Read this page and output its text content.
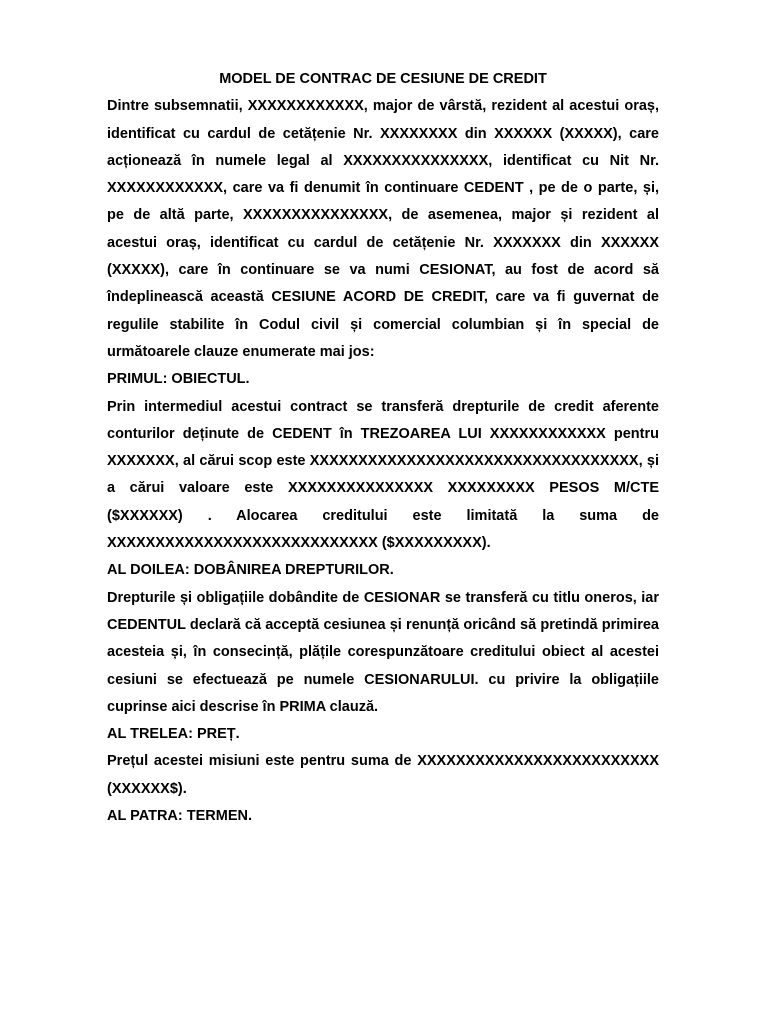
MODEL DE CONTRAC DE CESIUNE DE CREDIT

Dintre subsemnatii, XXXXXXXXXXXX, major de vârstă, rezident al acestui oraș, identificat cu cardul de cetățenie Nr. XXXXXXXX din XXXXXX (XXXXX), care acționează în numele legal al XXXXXXXXXXXXXXX, identificat cu Nit Nr. XXXXXXXXXXXX, care va fi denumit în continuare CEDENT , pe de o parte, și, pe de altă parte, XXXXXXXXXXXXXXX, de asemenea, major și rezident al acestui oraș, identificat cu cardul de cetățenie Nr. XXXXXXX din XXXXXX (XXXXX), care în continuare se va numi CESIONAT, au fost de acord să îndeplinească această CESIUNE ACORD DE CREDIT, care va fi guvernat de regulile stabilite în Codul civil și comercial columbian și în special de următoarele clauze enumerate mai jos:

PRIMUL: OBIECTUL.

Prin intermediul acestui contract se transferă drepturile de credit aferente conturilor deținute de CEDENT în TREZOAREA LUI XXXXXXXXXXXX pentru XXXXXXX, al cărui scop este XXXXXXXXXXXXXXXXXXXXXXXXXXXXXXXXXX, și a cărui valoare este XXXXXXXXXXXXXXX XXXXXXXXX PESOS M/CTE ($XXXXXX) . Alocarea creditului este limitată la suma de XXXXXXXXXXXXXXXXXXXXXXXXXXXX ($XXXXXXXXX).

AL DOILEA: DOBÂNIREA DREPTURILOR.

Drepturile și obligațiile dobândite de CESIONAR se transferă cu titlu oneros, iar CEDENTUL declară că acceptă cesiunea și renunță oricând să pretindă primirea acesteia și, în consecință, plățile corespunzătoare creditului obiect al acestei cesiuni se efectuează pe numele CESIONARULUI. cu privire la obligațiile cuprinse aici descrise în PRIMA clauză.

AL TRELEA: PREȚ.

Prețul acestei misiuni este pentru suma de XXXXXXXXXXXXXXXXXXXXXXXXX (XXXXXX$).

AL PATRA: TERMEN.
